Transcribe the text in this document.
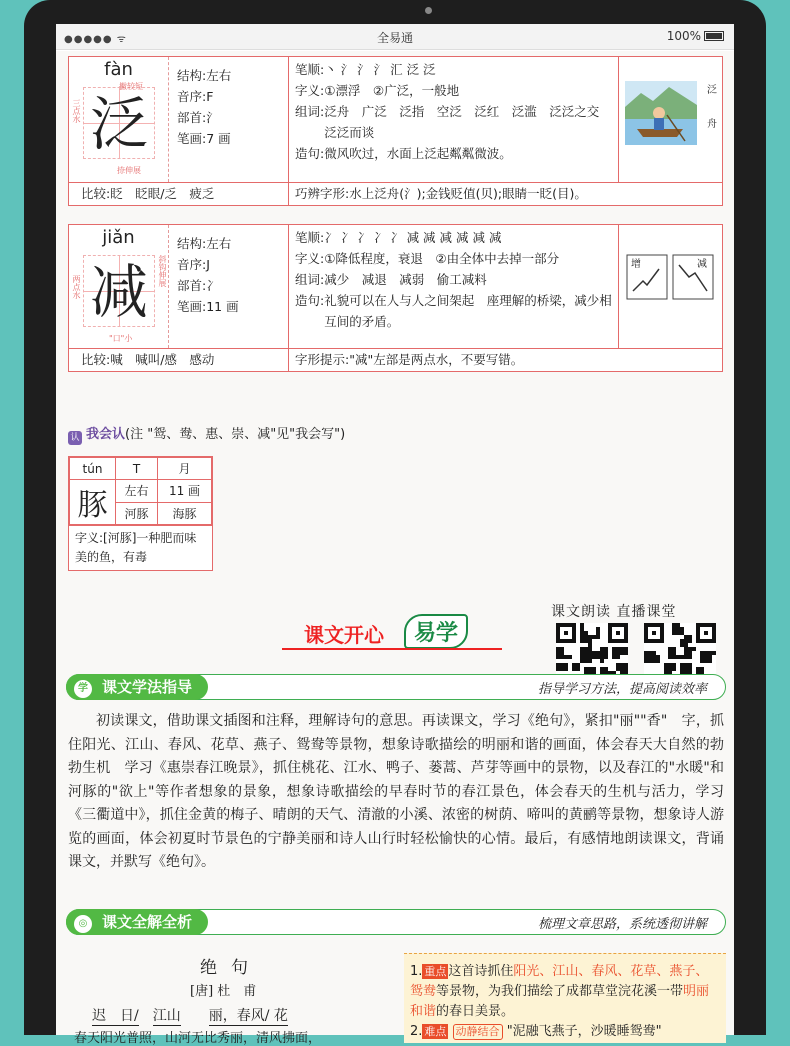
●●●●● ᯤ	全易通	100%
fàn
泛
三点水
撇较短
捺伸展
结构:左右
音序:F
部首:氵
笔画:7 画
笔顺: 丶 氵 氵 氵 汇 泛 泛
字义: ①漂浮　②广泛，一般地
组词: 泛舟　广泛　泛指　空泛　泛红　泛滥　泛泛之交　泛泛而谈
造句: 微风吹过，水面上泛起粼粼微波。
泛
舟
比较:眨　眨眼/乏　疲乏	巧辨字形:水上泛舟(氵);金钱贬值(贝);眼睛一眨(目)。
jiǎn
减
两点水	斜钩伸展
"口"小
结构:左右
音序:J
部首:冫
笔画:11 画
笔顺: 冫 冫 冫 冫 冫 减 减 减 减 减 减
字义: ①降低程度，衰退　②由全体中去掉一部分
组词: 减少　减退　减弱　偷工减料
造句: 礼貌可以在人与人之间架起　座理解的桥梁，减少相互间的矛盾。
增	减
比较:喊　喊叫/感　感动	字形提示:"减"左部是两点水，不要写错。
认 我会认(注 "鸳、鸯、惠、崇、减"见"我会写")
tún	T	月
豚	左右	11 画
	河豚	海豚
字义:[河豚]一种肥而味美的鱼，有毒
课文开心	易学
课文朗读 直播课堂
学 课文学法指导	指导学习方法，提高阅读效率
初读课文，借助课文插图和注释，理解诗句的意思。再读课文，学习《绝句》，紧扣"丽""香"　字，抓住阳光、江山、春风、花草、燕子、鸳鸯等景物，想象诗歌描绘的明丽和谐的画面，体会春天大自然的勃勃生机　学习《惠崇春江晚景》，抓住桃花、江水、鸭子、蒌蒿、芦芽等画中的景物，以及春江的"水暖"和河豚的"欲上"等作者想象的景象，想象诗歌描绘的早春时节的春江景色，体会春天的生机与活力，学习《三衢道中》，抓住金黄的梅子、晴朗的天气、清澈的小溪、浓密的树荫、啼叫的黄鹂等景物，想象诗人游览的画面，体会初夏时节景色的宁静美丽和诗人山行时轻松愉快的心情。最后，有感情地朗读课文，背诵课文，并默写《绝句》。
◎ 课文全解全析	梳理文章思路，系统透彻讲解
绝句
[唐] 杜　甫
迟　日/　 江山　　 丽，春风/ 花
春天阳光普照，山河无比秀丽，清风拂面，
1. 重点 这首诗抓住阳光、江山、春风、花草、燕子、鸳鸯等景物，为我们描绘了成都草堂浣花溪一带明丽和谐的春日美景。
2. 难点 动静结合 "泥融飞燕子，沙暖睡鸳鸯"
